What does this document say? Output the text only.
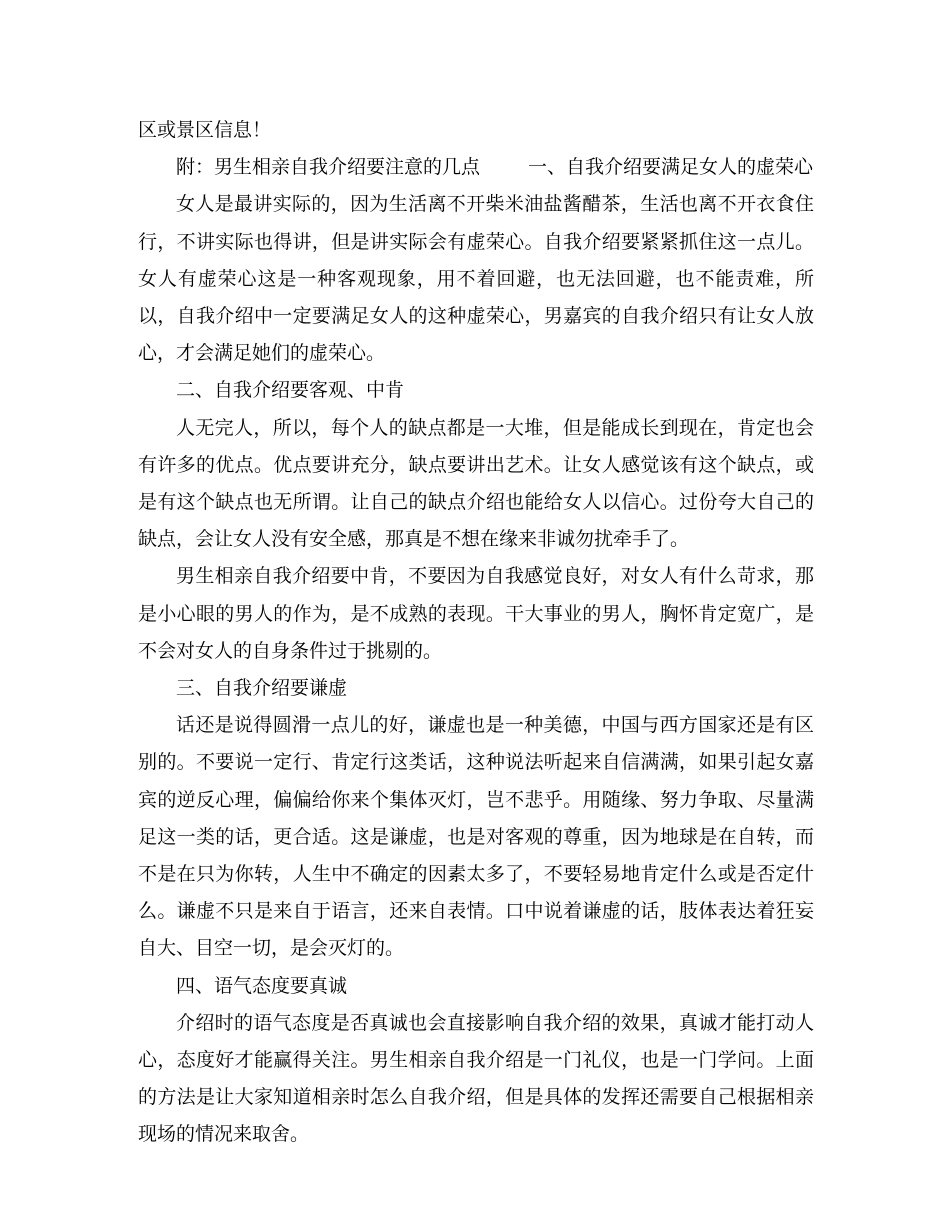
区或景区信息！

附：男生相亲自我介绍要注意的几点	一、自我介绍要满足女人的虚荣心

女人是最讲实际的，因为生活离不开柴米油盐酱醋茶，生活也离不开衣食住行，不讲实际也得讲，但是讲实际会有虚荣心。自我介绍要紧紧抓住这一点儿。女人有虚荣心这是一种客观现象，用不着回避，也无法回避，也不能责难，所以，自我介绍中一定要满足女人的这种虚荣心，男嘉宾的自我介绍只有让女人放心，才会满足她们的虚荣心。

二、自我介绍要客观、中肯

人无完人，所以，每个人的缺点都是一大堆，但是能成长到现在，肯定也会有许多的优点。优点要讲充分，缺点要讲出艺术。让女人感觉该有这个缺点，或是有这个缺点也无所谓。让自己的缺点介绍也能给女人以信心。过份夸大自己的缺点，会让女人没有安全感，那真是不想在缘来非诚勿扰牵手了。

男生相亲自我介绍要中肯，不要因为自我感觉良好，对女人有什么苛求，那是小心眼的男人的作为，是不成熟的表现。干大事业的男人，胸怀肯定宽广，是不会对女人的自身条件过于挑剔的。

三、自我介绍要谦虚

话还是说得圆滑一点儿的好，谦虚也是一种美德，中国与西方国家还是有区别的。不要说一定行、肯定行这类话，这种说法听起来自信满满，如果引起女嘉宾的逆反心理，偏偏给你来个集体灭灯，岂不悲乎。用随缘、努力争取、尽量满足这一类的话，更合适。这是谦虚，也是对客观的尊重，因为地球是在自转，而不是在只为你转，人生中不确定的因素太多了，不要轻易地肯定什么或是否定什么。谦虚不只是来自于语言，还来自表情。口中说着谦虚的话，肢体表达着狂妄自大、目空一切，是会灭灯的。

四、语气态度要真诚

介绍时的语气态度是否真诚也会直接影响自我介绍的效果，真诚才能打动人心，态度好才能赢得关注。男生相亲自我介绍是一门礼仪，也是一门学问。上面的方法是让大家知道相亲时怎么自我介绍，但是具体的发挥还需要自己根据相亲现场的情况来取舍。
